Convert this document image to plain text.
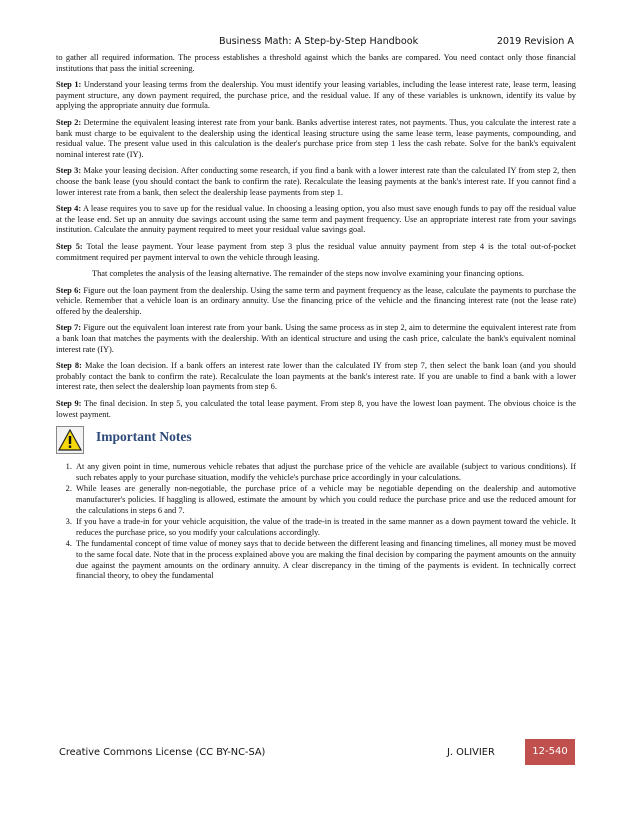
Business Math: A Step-by-Step Handbook	2019 Revision A

to gather all required information. The process establishes a threshold against which the banks are compared. You need contact only those financial institutions that pass the initial screening.

Step 1: Understand your leasing terms from the dealership. You must identify your leasing variables, including the lease interest rate, lease term, leasing payment structure, any down payment required, the purchase price, and the residual value. If any of these variables is unknown, identify its value by applying the appropriate annuity due formula.

Step 2: Determine the equivalent leasing interest rate from your bank. Banks advertise interest rates, not payments. Thus, you calculate the interest rate a bank must charge to be equivalent to the dealership using the identical leasing structure using the same lease term, lease payments, compounding, and residual value. The present value used in this calculation is the dealer's purchase price from step 1 less the cash rebate. Solve for the bank's equivalent nominal interest rate (IY).

Step 3: Make your leasing decision. After conducting some research, if you find a bank with a lower interest rate than the calculated IY from step 2, then choose the bank lease (you should contact the bank to confirm the rate). Recalculate the leasing payments at the bank's interest rate. If you cannot find a lower interest rate from a bank, then select the dealership lease payments from step 1.

Step 4: A lease requires you to save up for the residual value. In choosing a leasing option, you also must save enough funds to pay off the residual value at the lease end. Set up an annuity due savings account using the same term and payment frequency. Use an appropriate interest rate from your savings institution. Calculate the annuity payment required to meet your residual value savings goal.

Step 5: Total the lease payment. Your lease payment from step 3 plus the residual value annuity payment from step 4 is the total out-of-pocket commitment required per payment interval to own the vehicle through leasing.

That completes the analysis of the leasing alternative. The remainder of the steps now involve examining your financing options.

Step 6: Figure out the loan payment from the dealership. Using the same term and payment frequency as the lease, calculate the payments to purchase the vehicle. Remember that a vehicle loan is an ordinary annuity. Use the financing price of the vehicle and the financing interest rate (not the lease rate) offered by the dealership.

Step 7: Figure out the equivalent loan interest rate from your bank. Using the same process as in step 2, aim to determine the equivalent interest rate from a bank loan that matches the payments with the dealership. With an identical structure and using the cash price, calculate the bank's equivalent nominal interest rate (IY).

Step 8: Make the loan decision. If a bank offers an interest rate lower than the calculated IY from step 7, then select the bank loan (and you should probably contact the bank to confirm the rate). Recalculate the loan payments at the bank's interest rate. If you are unable to find a bank with a lower interest rate, then select the dealership loan payments from step 6.

Step 9: The final decision. In step 5, you calculated the total lease payment. From step 8, you have the lowest loan payment. The obvious choice is the lowest payment.

Important Notes
1. At any given point in time, numerous vehicle rebates that adjust the purchase price of the vehicle are available (subject to various conditions). If such rebates apply to your purchase situation, modify the vehicle's purchase price accordingly in your calculations.
2. While leases are generally non-negotiable, the purchase price of a vehicle may be negotiable depending on the dealership and automotive manufacturer's policies. If haggling is allowed, estimate the amount by which you could reduce the purchase price and use the reduced amount for the calculations in steps 6 and 7.
3. If you have a trade-in for your vehicle acquisition, the value of the trade-in is treated in the same manner as a down payment toward the vehicle. It reduces the purchase price, so you modify your calculations accordingly.
4. The fundamental concept of time value of money says that to decide between the different leasing and financing timelines, all money must be moved to the same focal date. Note that in the process explained above you are making the final decision by comparing the payment amounts on the annuity due against the payment amounts on the ordinary annuity. A clear discrepancy in the timing of the payments is evident. In technically correct financial theory, to obey the fundamental
Creative Commons License (CC BY-NC-SA)	J. OLIVIER	12-540
